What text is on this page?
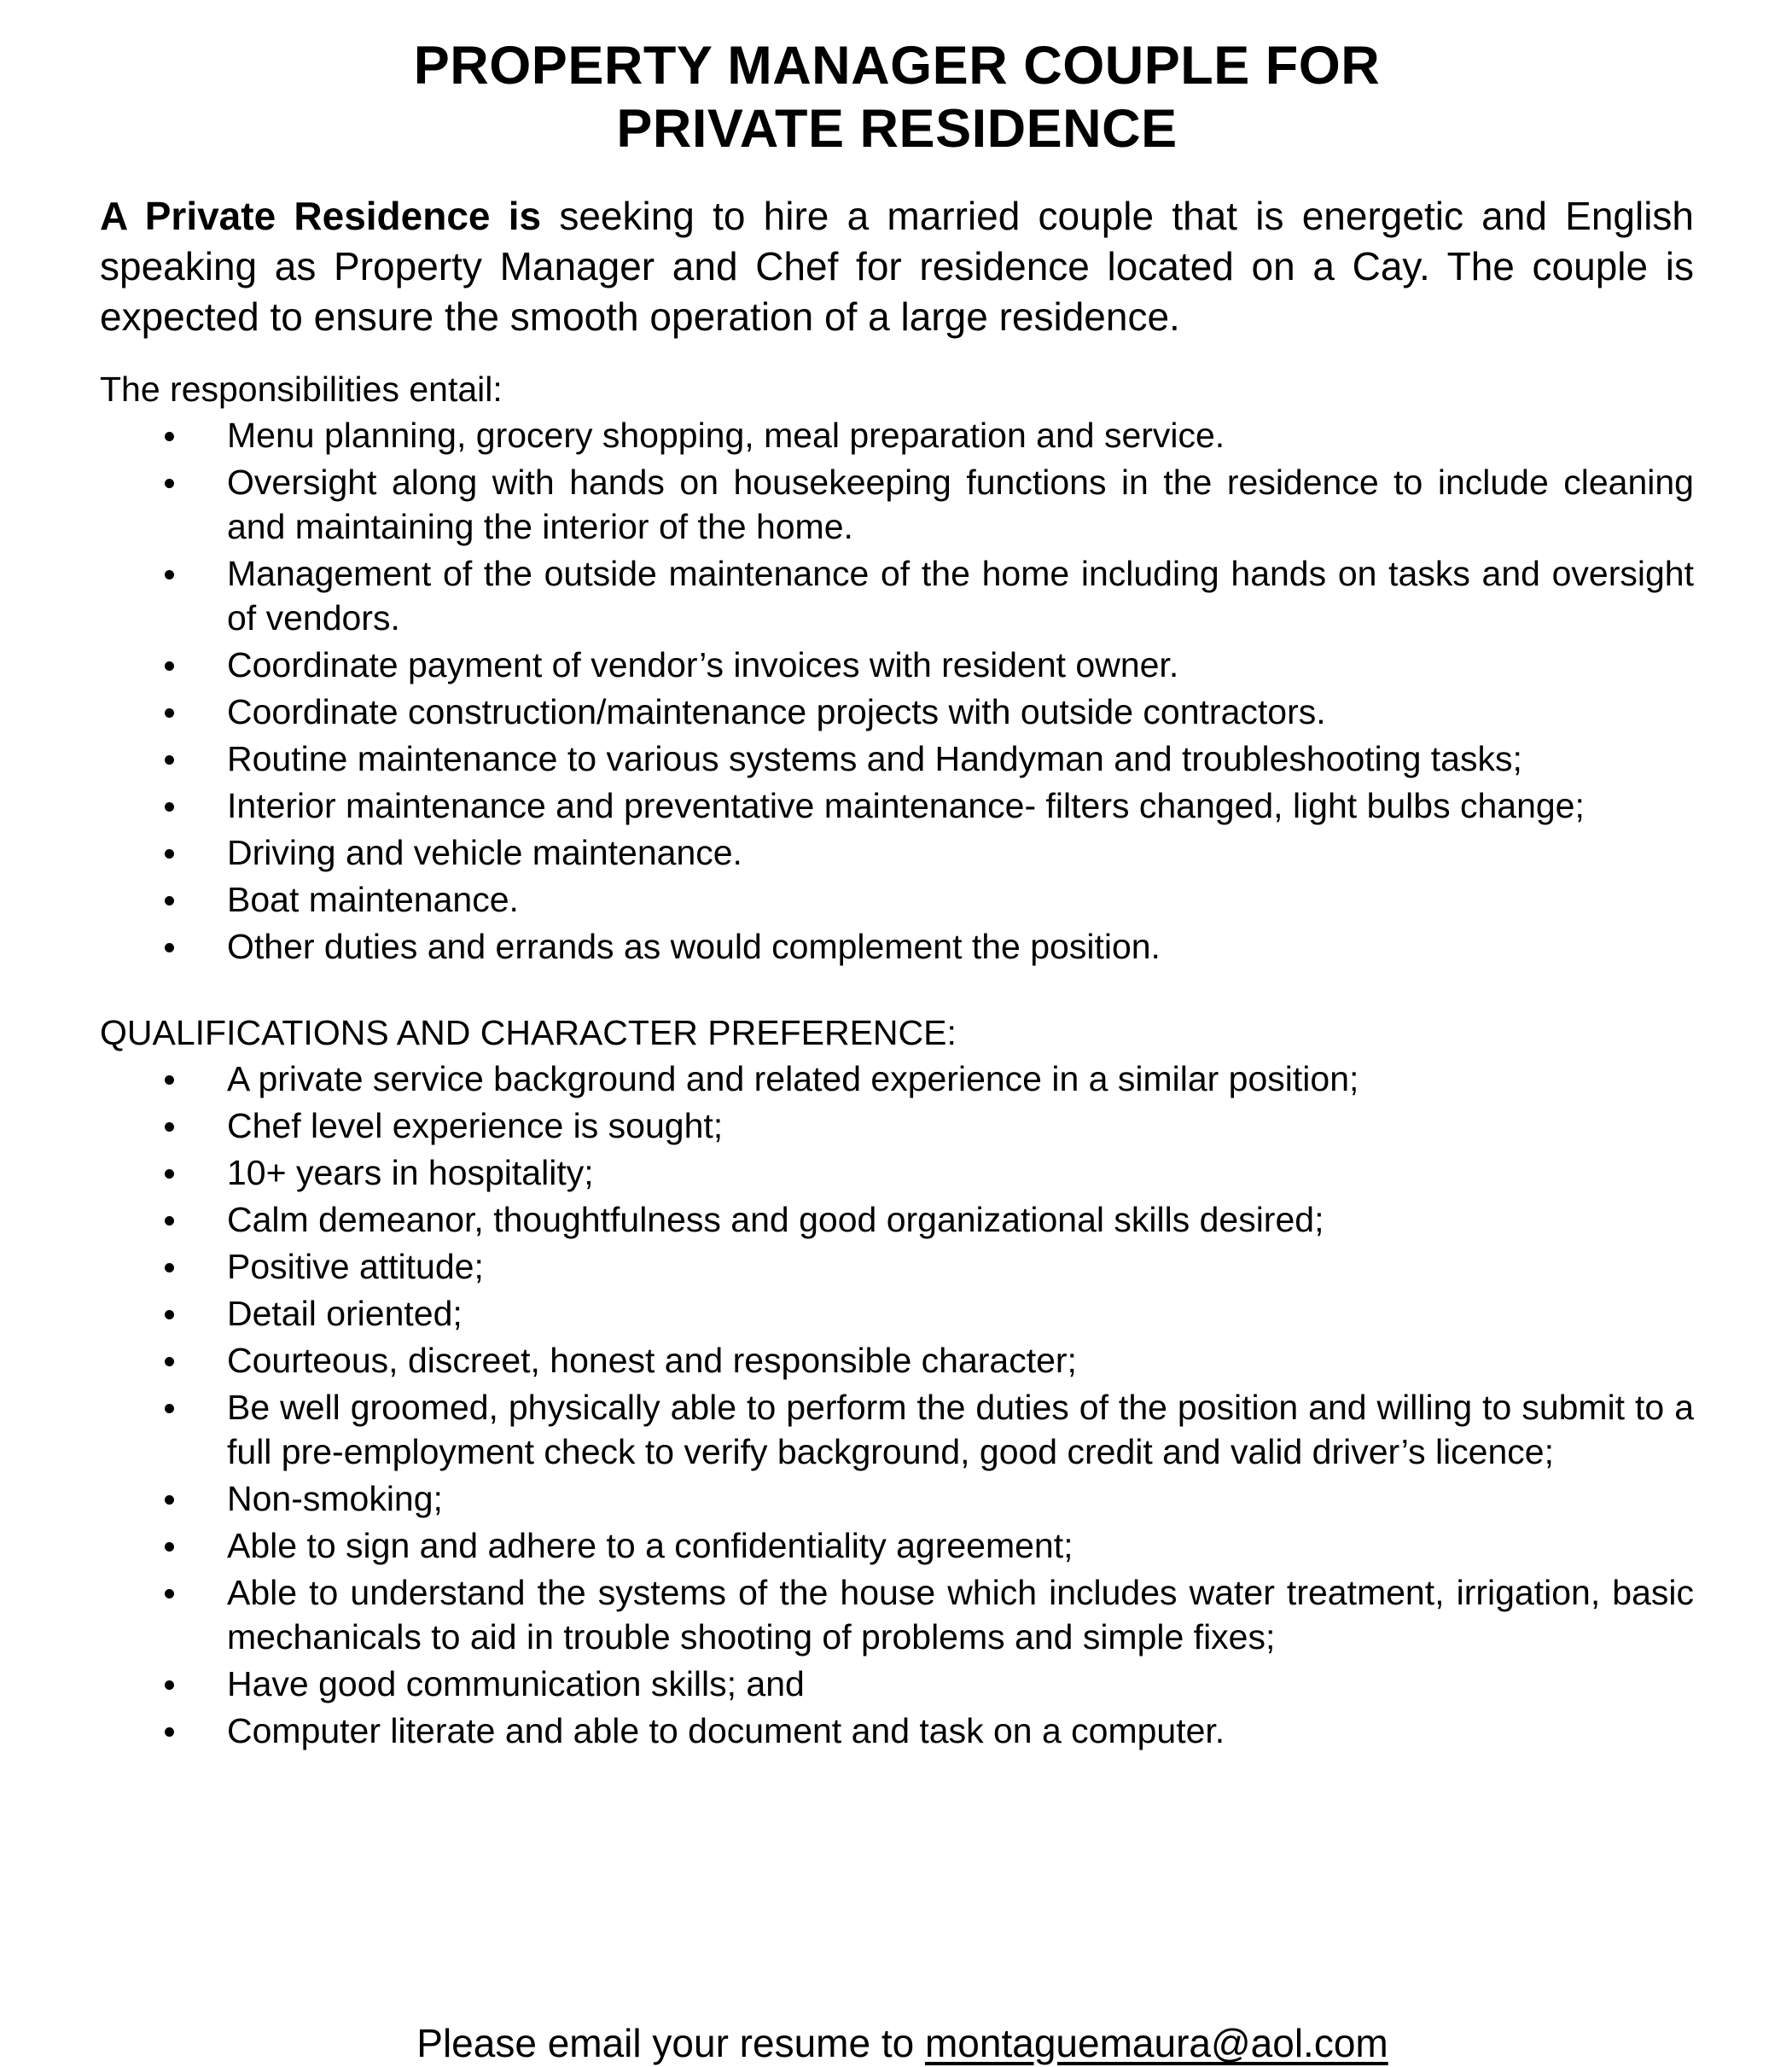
PROPERTY MANAGER COUPLE FOR
PRIVATE RESIDENCE

A Private Residence is seeking to hire a married couple that is energetic and English speaking as Property Manager and Chef for residence located on a Cay. The couple is expected to ensure the smooth operation of a large residence.

The responsibilities entail:

Menu planning, grocery shopping, meal preparation and service.
Oversight along with hands on housekeeping functions in the residence to include cleaning and maintaining the interior of the home.
Management of the outside maintenance of the home including hands on tasks and oversight of vendors.
Coordinate payment of vendor’s invoices with resident owner.
Coordinate construction/maintenance projects with outside contractors.
Routine maintenance to various systems and Handyman and troubleshooting tasks;
Interior maintenance and preventative maintenance- filters changed, light bulbs change;
Driving and vehicle maintenance.
Boat maintenance.
Other duties and errands as would complement the position.

QUALIFICATIONS AND CHARACTER PREFERENCE:

A private service background and related experience in a similar position;
Chef level experience is sought;
10+ years in hospitality;
Calm demeanor, thoughtfulness and good organizational skills desired;
Positive attitude;
Detail oriented;
Courteous, discreet, honest and responsible character;
Be well groomed, physically able to perform the duties of the position and willing to submit to a full pre-employment check to verify background, good credit and valid driver’s licence;
Non-smoking;
Able to sign and adhere to a confidentiality agreement;
Able to understand the systems of the house which includes water treatment, irrigation, basic mechanicals to aid in trouble shooting of problems and simple fixes;
Have good communication skills; and
Computer literate and able to document and task on a computer.

Please email your resume to montaguemaura@aol.com
